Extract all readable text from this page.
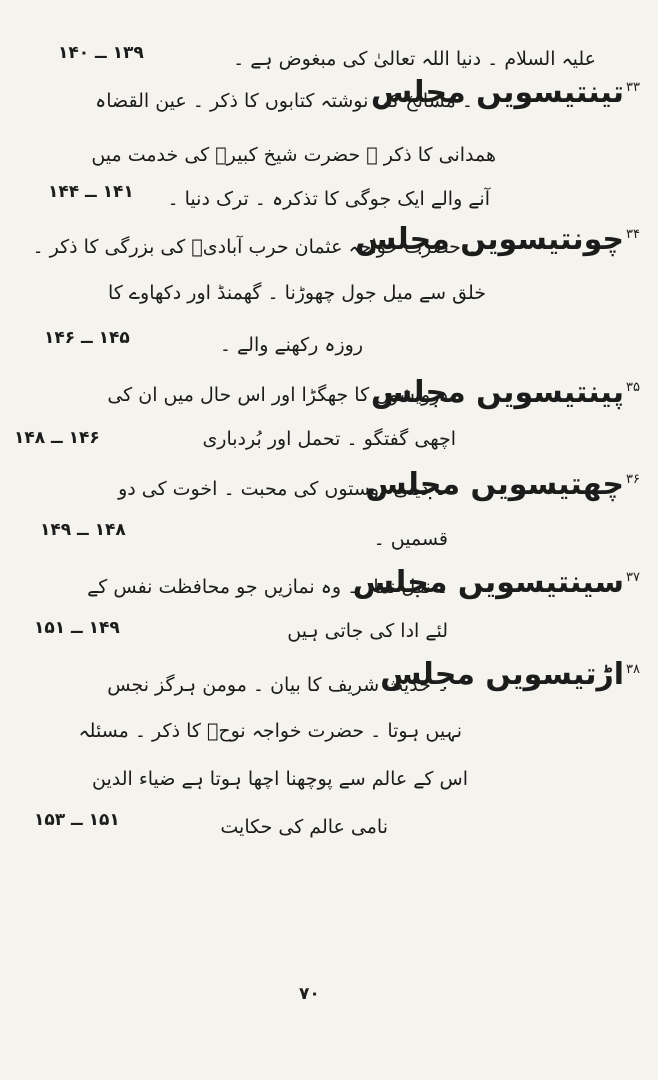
علیہ السلام ۔ دنیا اللہ تعالیٰ کی مبغوض ہے ۔
۱۳۹ ــ ۱۴۰
$^{۳۳}$تینتیسویں مجلس
۔ مشائخ کی نوشتہ کتابوں کا ذکر ۔ عین القضاہ
ھمدانی کا ذکر ۔ حضرت شیخ کبیرؒ کی خدمت میں
آنے والے ایک جوگی کا تذکرہ ۔ ترک دنیا ۔
۱۴۱ ــ ۱۴۴
$^{۳۴}$چونتیسویں مجلس
۔ حضرت خواجہ عثمان حرب آبادیؒ کی بزرگی کا ذکر ۔
خلق سے میل جول چھوڑنا ۔ گھمنڈ اور دکھاوے کا
روزہ رکھنے والے ۔
۱۴۵ ــ ۱۴۶
$^{۳۵}$پینتیسویں مجلس
درویشوں کا جھگڑا اور اس حال میں ان کی
اچھی گفتگو ۔ تحمل اور بُردباری
۱۴۶ ــ ۱۴۸
$^{۳۶}$چھتیسویں مجلس
۔ دینی دوستوں کی محبت ۔ اخوت کی دو
قسمیں ۔
۱۴۸ ــ ۱۴۹
$^{۳۷}$سینتیسویں مجلس
۔ نفل نماز ۔ وہ نمازیں جو محافظت نفس کے
لئے ادا کی جاتی ہیں
۱۴۹ ــ ۱۵۱
$^{۳۸}$اڑتیسویں مجلس
۔ حدیث شریف کا بیان ۔ مومن ہرگز نجس
نہیں ہوتا ۔ حضرت خواجہ نوحؒ کا ذکر ۔ مسئلہ
اس کے عالم سے پوچھنا اچھا ہوتا ہے ضیاء الدین
نامی عالم کی حکایت
۱۵۱ ــ ۱۵۳
۷۰
